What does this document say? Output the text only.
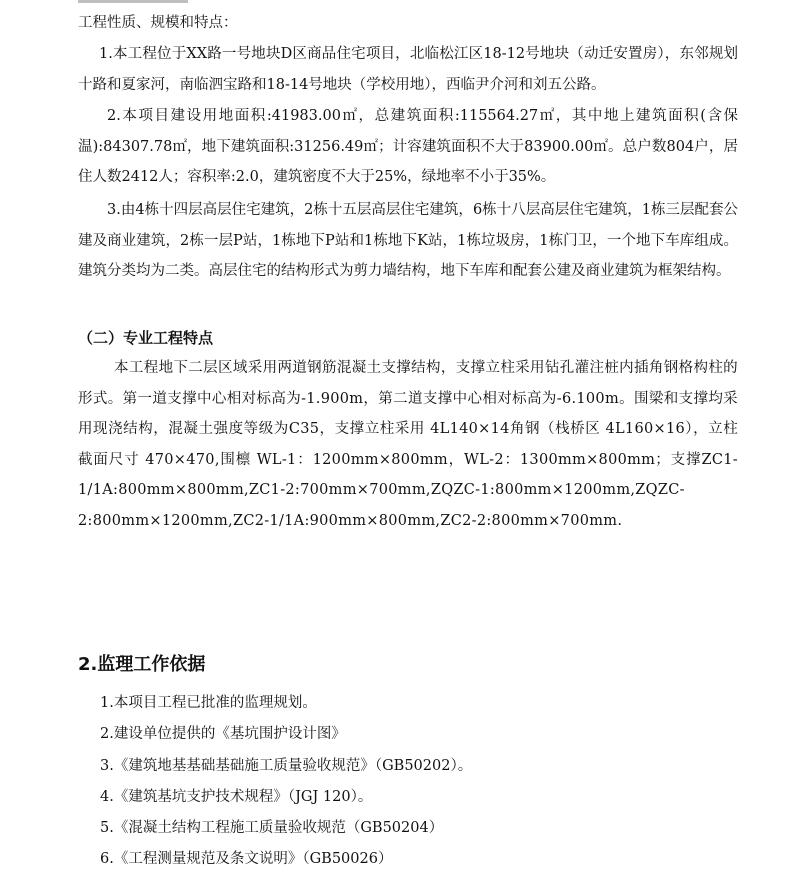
工程性质、规模和特点：

1.本工程位于XX路一号地块D区商品住宅项目，北临松江区18-12号地块（动迁安置房），东邻规划十路和夏家河，南临泗宝路和18-14号地块（学校用地），西临尹介河和刘五公路。

2.本项目建设用地面积:41983.00㎡，总建筑面积:115564.27㎡，其中地上建筑面积(含保温):84307.78㎡，地下建筑面积:31256.49㎡；计容建筑面积不大于83900.00㎡。总户数804户，居住人数2412人；容积率:2.0，建筑密度不大于25%，绿地率不小于35%。

3.由4栋十四层高层住宅建筑，2栋十五层高层住宅建筑，6栋十八层高层住宅建筑，1栋三层配套公建及商业建筑，2栋一层P站，1栋地下P站和1栋地下K站，1栋垃圾房，1栋门卫，一个地下车库组成。建筑分类均为二类。高层住宅的结构形式为剪力墙结构，地下车库和配套公建及商业建筑为框架结构。

（二）专业工程特点

本工程地下二层区域采用两道钢筋混凝土支撑结构，支撑立柱采用钻孔灌注桩内插角钢格构柱的形式。第一道支撑中心相对标高为-1.900m，第二道支撑中心相对标高为-6.100m。围梁和支撑均采用现浇结构，混凝土强度等级为C35，支撑立柱采用 4L140×14角钢（栈桥区 4L160×16），立柱截面尺寸 470×470,围檩 WL-1：1200mm×800mm，WL-2：1300mm×800mm；支撑ZC1-1/1A:800mm×800mm,ZC1-2:700mm×700mm,ZQZC-1:800mm×1200mm,ZQZC-2:800mm×1200mm,ZC2-1/1A:900mm×800mm,ZC2-2:800mm×700mm.

2.监理工作依据
1.本项目工程已批准的监理规划。
2.建设单位提供的《基坑围护设计图》
3.《建筑地基基础基础施工质量验收规范》（GB50202）。
4.《建筑基坑支护技术规程》（JGJ 120）。
5.《混凝土结构工程施工质量验收规范（GB50204）
6.《工程测量规范及条文说明》（GB50026）
